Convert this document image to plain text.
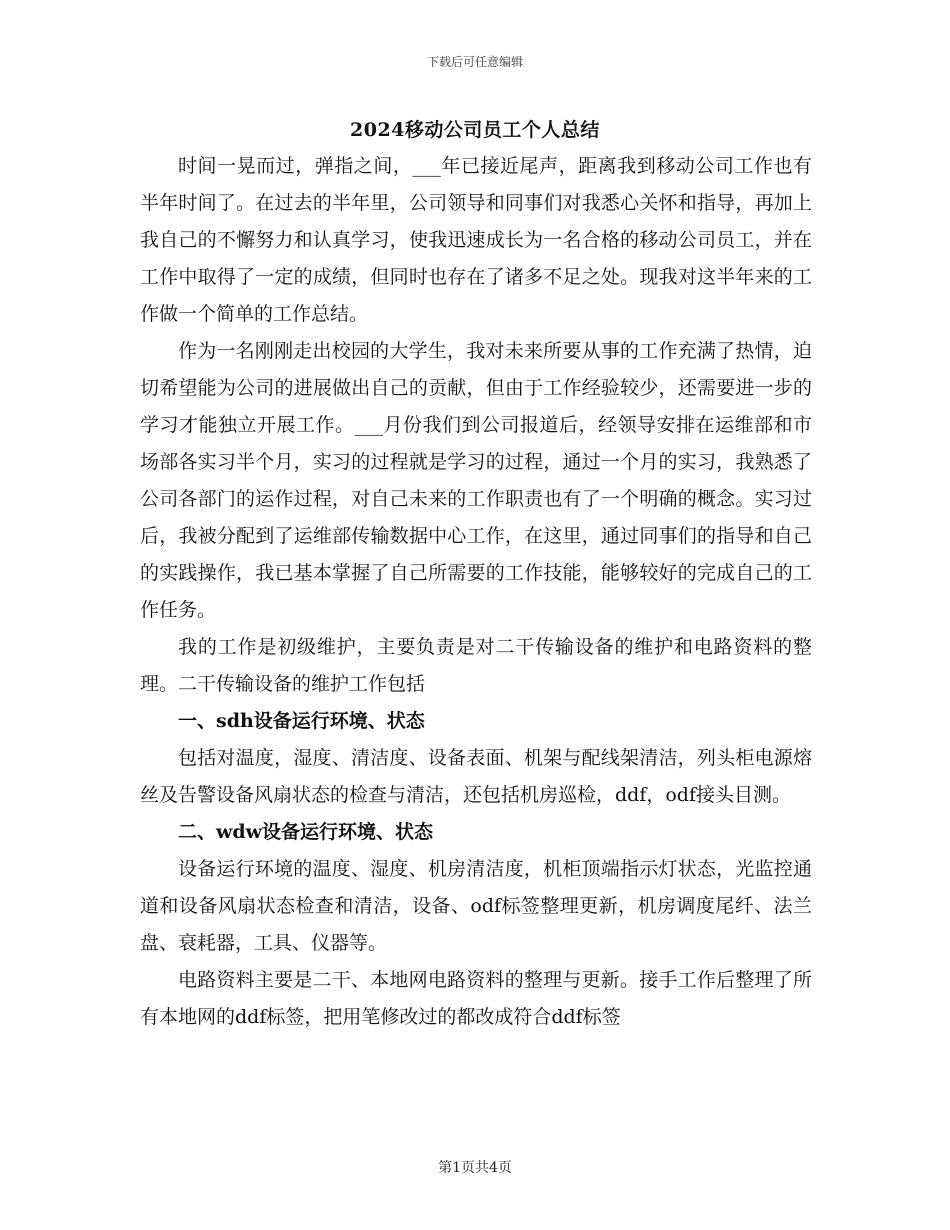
下载后可任意编辑
2024移动公司员工个人总结

时间一晃而过，弹指之间，___年已接近尾声，距离我到移动公司工作也有半年时间了。在过去的半年里，公司领导和同事们对我悉心关怀和指导，再加上我自己的不懈努力和认真学习，使我迅速成长为一名合格的移动公司员工，并在工作中取得了一定的成绩，但同时也存在了诸多不足之处。现我对这半年来的工作做一个简单的工作总结。

作为一名刚刚走出校园的大学生，我对未来所要从事的工作充满了热情，迫切希望能为公司的进展做出自己的贡献，但由于工作经验较少，还需要进一步的学习才能独立开展工作。___月份我们到公司报道后，经领导安排在运维部和市场部各实习半个月，实习的过程就是学习的过程，通过一个月的实习，我熟悉了公司各部门的运作过程，对自己未来的工作职责也有了一个明确的概念。实习过后，我被分配到了运维部传输数据中心工作，在这里，通过同事们的指导和自己的实践操作，我已基本掌握了自己所需要的工作技能，能够较好的完成自己的工作任务。

我的工作是初级维护，主要负责是对二干传输设备的维护和电路资料的整理。二干传输设备的维护工作包括

一、sdh设备运行环境、状态

包括对温度，湿度、清洁度、设备表面、机架与配线架清洁，列头柜电源熔丝及告警设备风扇状态的检查与清洁，还包括机房巡检，ddf，odf接头目测。

二、wdw设备运行环境、状态

设备运行环境的温度、湿度、机房清洁度，机柜顶端指示灯状态，光监控通道和设备风扇状态检查和清洁，设备、odf标签整理更新，机房调度尾纤、法兰盘、衰耗器，工具、仪器等。

电路资料主要是二干、本地网电路资料的整理与更新。接手工作后整理了所有本地网的ddf标签，把用笔修改过的都改成符合ddf标签

第1页共4页
